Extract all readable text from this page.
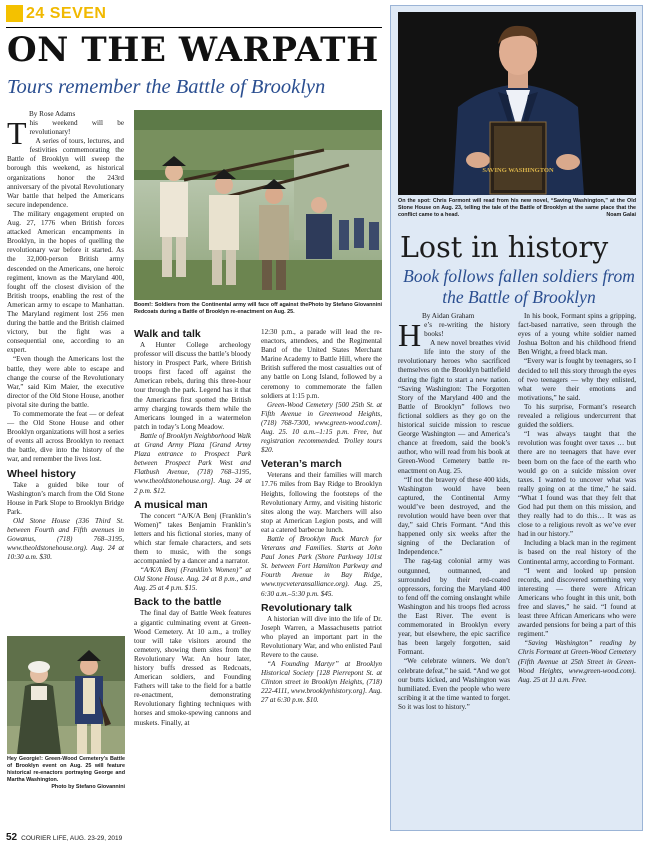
24 SEVEN
ON THE WARPATH
Tours remember the Battle of Brooklyn
By Rose Adams
This weekend will be revolutionary!
A series of tours, lectures, and festivities commemorating the Battle of Brooklyn will sweep the borough this weekend, as historical organizations honor the 243rd anniversary of the pivotal Revolutionary War battle that helped the Americans secure independence.
The military engagement erupted on Aug. 27, 1776 when British forces attacked American encampments in Brooklyn, in the hopes of quelling the revolutionary war before it started. As the 32,000-person British army descended on the Americans, one heroic regiment, known as the Maryland 400, fought off the closest division of the British troops, enabling the rest of the American army to escape to Manhattan. The Maryland regiment lost 256 men during the battle and the British claimed victory, but the fight was a consequential one, according to an expert.
“Even though the Americans lost the battle, they were able to escape and change the course of the Revolutionary War,” said Kim Maier, the executive director of the Old Stone House, another pivotal site during the battle.
To commemorate the feat — or defeat — the Old Stone House and other Brooklyn organizations will host a series of events all across Brooklyn to reenact the battle, dive into the history of the war, and remember the lives lost.
Wheel history
Take a guided bike tour of Washington’s march from the Old Stone House in Park Slope to Brooklyn Bridge Park.
Old Stone House (336 Third St. between Fourth and Fifth avenues in Gowanus, (718) 768–3195, www.theoldstonehouse.org). Aug. 24 at 10:30 a.m. $30.
Photo by Stefano Giovannini
Boom!: Soldiers from the Continental army will face off against the Redcoats during a Battle of Brooklyn re-enactment on Aug. 25.
Walk and talk
A Hunter College archeology professor will discuss the battle’s bloody history in Prospect Park, where British troops first faced off against the American rebels, during this three-hour tour through the park. Legend has it that the Americans first spotted the British army charging towards them while the Americans lounged in a watermelon patch in today’s Long Meadow.
Battle of Brooklyn Neighborhood Walk at Grand Army Plaza [Grand Army Plaza entrance to Prospect Park between Prospect Park West and Flatbush Avenue, (718) 768–3195, www.theoldstonehouse.org]. Aug. 24 at 2 p.m. $12.
A musical man
The concert “A/K/A Benj (Franklin’s Women)” takes Benjamin Franklin’s letters and his fictional stories, many of which star female characters, and sets them to music, with the songs accompanied by a dancer and a narrator.
“A/K/A Benj (Franklin’s Women)” at Old Stone House. Aug. 24 at 8 p.m., and Aug. 25 at 4 p.m. $15.
Back to the battle
The final day of Battle Week features a gigantic culminating event at Green-Wood Cemetery. At 10 a.m., a trolley tour will take visitors around the cemetery, showing them sites from the Revolutionary War. An hour later, history buffs dressed as Redcoats, American soldiers, and Founding Fathers will take to the field for a battle re-enactment, demonstrating Revolutionary fighting techniques with horses and smoke-spewing cannons and muskets. Finally, at
12:30 p.m., a parade will lead the re-enactors, attendees, and the Regimental Band of the United States Merchant Marine Academy to Battle Hill, where the British suffered the most casualties out of any battle on Long Island, followed by a ceremony to commemorate the fallen soldiers at 1:15 p.m.
Green-Wood Cemetery [500 25th St. at Fifth Avenue in Greenwood Heights, (718) 768-7300, www.green-wood.com]. Aug. 25. 10 a.m.–1:15 p.m. Free, but registration recommended. Trolley tours $20.
Veteran’s march
Veterans and their families will march 17.76 miles from Bay Ridge to Brooklyn Heights, following the footsteps of the Revolutionary Army, and visiting historic sites along the way. Marchers will also stop at American Legion posts, and will eat a catered barbecue lunch.
Battle of Brooklyn Ruck March for Veterans and Families. Starts at John Paul Jones Park (Shore Parkway 101st St. between Fort Hamilton Parkway and Fourth Avenue in Bay Ridge, www.nycveteransalliance.org). Aug. 25, 6:30 a.m.–5:30 p.m. $45.
Revolutionary talk
A historian will dive into the life of Dr. Joseph Warren, a Massachusetts patriot who played an important part in the Revolutionary War, and who enlisted Paul Revere to the cause.
“A Founding Martyr” at Brooklyn Historical Society [128 Pierrepont St. at Clinton street in Brooklyn Heights, (718) 222-4111, www.brooklynhistory.org]. Aug. 27 at 6:30 p.m. $10.
Hey Georgie!: Green-Wood Cemetery’s Battle of Brooklyn event on Aug. 25 will feature historical re-enactors portraying George and Martha Washington.
Photo by Stefano Giovannini
SAVING WASHINGTON
On the spot: Chris Formont will read from his new novel, “Saving Washington,” at the Old Stone House on Aug. 23, telling the tale of the Battle of Brooklyn at the same place that the conflict came to a head.	Noam Galai
Lost in history
Book follows fallen soldiers from the Battle of Brooklyn
By Aidan Graham
He’s re-writing the history books!
A new novel breathes vivid life into the story of the revolutionary heroes who sacrificed themselves on the Brooklyn battlefield during the fight to start a new nation. “Saving Washington: The Forgotten Story of the Maryland 400 and the Battle of Brooklyn” follows two fictional soldiers as they go on the historical suicide mission to rescue George Washington — and America’s chance at freedom, said the book’s author, who will read from his book at Green-Wood Cemetery battle re-enactment on Aug. 25.
“If not the bravery of these 400 kids, Washington would have been captured, the Continental Army would’ve been destroyed, and the revolution would have been over that day,” said Chris Formant. “And this happened only six weeks after the signing of the Declaration of Independence.”
The rag-tag colonial army was outgunned, outmanned, and surrounded by their red-coated oppressors, forcing the Maryland 400 to fend off the coming onslaught while Washington and his troops fled across the East River. The event is commemorated in Brooklyn every year, but elsewhere, the epic sacrifice has been largely forgotten, said Formant.
“We celebrate winners. We don’t celebrate defeat,” he said. “And we got our butts kicked, and Washington was humiliated. Even the people who were scribing it at the time wanted to forget. So it was lost to history.”
In his book, Formant spins a gripping, fact-based narrative, seen through the eyes of a young white soldier named Joshua Bolton and his childhood friend Ben Wright, a freed black man.
“Every war is fought by teenagers, so I decided to tell this story through the eyes of two teenagers — why they enlisted, what were their emotions and motivations,” he said.
To his surprise, Formant’s research revealed a religious undercurrent that guided the soldiers.
“I was always taught that the revolution was fought over taxes … but there are no teenagers that have ever been born on the face of the earth who would go on a suicide mission over taxes. I wanted to uncover what was really going on at the time,” he said. “What I found was that they felt that God had put them on this mission, and they really had to do this… It was as close to a religious revolt as we’ve ever had in our history.”
Including a black man in the regiment is based on the real history of the Continental army, according to Formant.
“I went and looked up pension records, and discovered something very interesting — there were African Americans who fought in this unit, both free and slaves,” he said. “I found at least three African Americans who were awarded pensions for being a part of this regiment.”
“Saving Washington” reading by Chris Formant at Green-Wood Cemetery (Fifth Avenue at 25th Street in Green-Wood Heights, www.green-wood.com). Aug. 25 at 11 a.m. Free.
52 COURIER LIFE, AUG. 23-29, 2019
